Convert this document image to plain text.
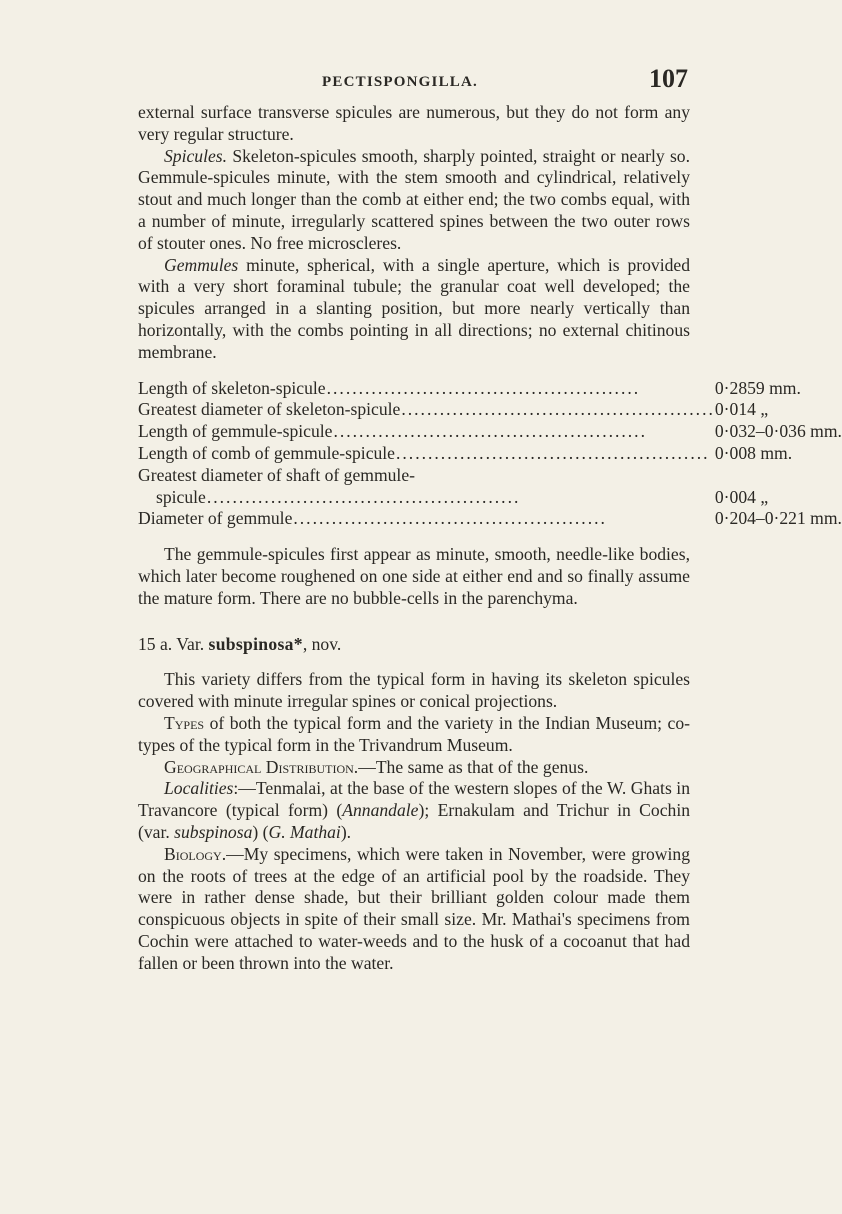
PECTISPONGILLA.	107

external surface transverse spicules are numerous, but they do not form any very regular structure.

Spicules. Skeleton-spicules smooth, sharply pointed, straight or nearly so. Gemmule-spicules minute, with the stem smooth and cylindrical, relatively stout and much longer than the comb at either end; the two combs equal, with a number of minute, irregularly scattered spines between the two outer rows of stouter ones. No free microscleres.

Gemmules minute, spherical, with a single aperture, which is provided with a very short foraminal tubule; the granular coat well developed; the spicules arranged in a slanting position, but more nearly vertically than horizontally, with the combs pointing in all directions; no external chitinous membrane.

Length of skeleton-spicule .................................................	0·2859 mm.

Greatest diameter of skeleton-spicule .................................................	0·014 „

Length of gemmule-spicule .................................................	0·032–0·036 mm.

Length of comb of gemmule-spicule .................................................	0·008 mm.

Greatest diameter of shaft of gemmule-	

spicule .................................................	0·004 „

Diameter of gemmule .................................................	0·204–0·221 mm.

The gemmule-spicules first appear as minute, smooth, needle-like bodies, which later become roughened on one side at either end and so finally assume the mature form. There are no bubble-cells in the parenchyma.

15 a. Var. subspinosa*, nov.

This variety differs from the typical form in having its skeleton spicules covered with minute irregular spines or conical projections.

Types of both the typical form and the variety in the Indian Museum; co-types of the typical form in the Trivandrum Museum.

Geographical Distribution.—The same as that of the genus.

Localities:—Tenmalai, at the base of the western slopes of the W. Ghats in Travancore (typical form) (Annandale); Ernakulam and Trichur in Cochin (var. subspinosa) (G. Mathai).

Biology.—My specimens, which were taken in November, were growing on the roots of trees at the edge of an artificial pool by the roadside. They were in rather dense shade, but their brilliant golden colour made them conspicuous objects in spite of their small size. Mr. Mathai's specimens from Cochin were attached to water-weeds and to the husk of a cocoanut that had fallen or been thrown into the water.
